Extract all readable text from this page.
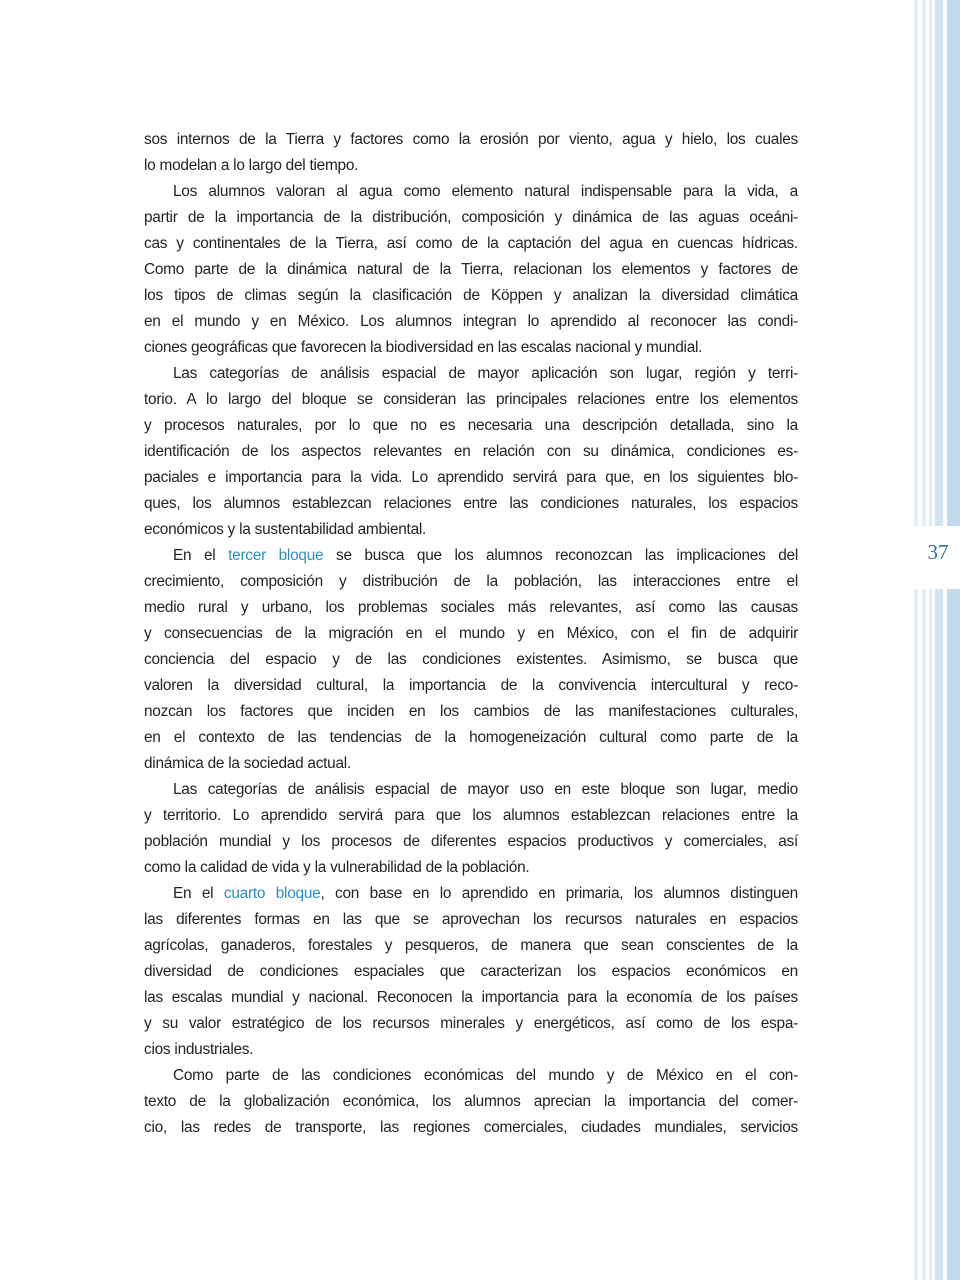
37
sos internos de la Tierra y factores como la erosión por viento, agua y hielo, los cuales
lo modelan a lo largo del tiempo.
Los alumnos valoran al agua como elemento natural indispensable para la vida, a
partir de la importancia de la distribución, composición y dinámica de las aguas oceáni-
cas y continentales de la Tierra, así como de la captación del agua en cuencas hídricas.
Como parte de la dinámica natural de la Tierra, relacionan los elementos y factores de
los tipos de climas según la clasificación de Köppen y analizan la diversidad climática
en el mundo y en México. Los alumnos integran lo aprendido al reconocer las condi-
ciones geográficas que favorecen la biodiversidad en las escalas nacional y mundial.
Las categorías de análisis espacial de mayor aplicación son lugar, región y terri-
torio. A lo largo del bloque se consideran las principales relaciones entre los elementos
y procesos naturales, por lo que no es necesaria una descripción detallada, sino la
identificación de los aspectos relevantes en relación con su dinámica, condiciones es-
paciales e importancia para la vida. Lo aprendido servirá para que, en los siguientes blo-
ques, los alumnos establezcan relaciones entre las condiciones naturales, los espacios
económicos y la sustentabilidad ambiental.
En el tercer bloque se busca que los alumnos reconozcan las implicaciones del
crecimiento, composición y distribución de la población, las interacciones entre el
medio rural y urbano, los problemas sociales más relevantes, así como las causas
y consecuencias de la migración en el mundo y en México, con el fin de adquirir
conciencia del espacio y de las condiciones existentes. Asimismo, se busca que
valoren la diversidad cultural, la importancia de la convivencia intercultural y reco-
nozcan los factores que inciden en los cambios de las manifestaciones culturales,
en el contexto de las tendencias de la homogeneización cultural como parte de la
dinámica de la sociedad actual.
Las categorías de análisis espacial de mayor uso en este bloque son lugar, medio
y territorio. Lo aprendido servirá para que los alumnos establezcan relaciones entre la
población mundial y los procesos de diferentes espacios productivos y comerciales, así
como la calidad de vida y la vulnerabilidad de la población.
En el cuarto bloque, con base en lo aprendido en primaria, los alumnos distinguen
las diferentes formas en las que se aprovechan los recursos naturales en espacios
agrícolas, ganaderos, forestales y pesqueros, de manera que sean conscientes de la
diversidad de condiciones espaciales que caracterizan los espacios económicos en
las escalas mundial y nacional. Reconocen la importancia para la economía de los países
y su valor estratégico de los recursos minerales y energéticos, así como de los espa-
cios industriales.
Como parte de las condiciones económicas del mundo y de México en el con-
texto de la globalización económica, los alumnos aprecian la importancia del comer-
cio, las redes de transporte, las regiones comerciales, ciudades mundiales, servicios
